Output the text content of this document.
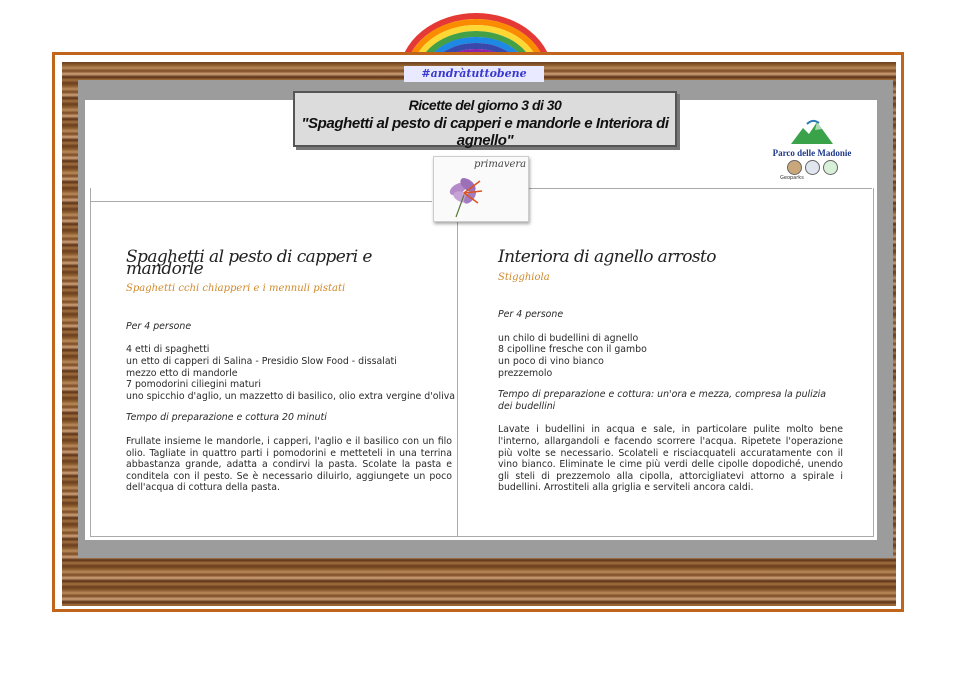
#andràtuttobene
Ricette del giorno 3 di 30
"Spaghetti al pesto di capperi e mandorle e Interiora di agnello"
Parco delle Madonie
Geoparks
primavera
Spaghetti al pesto di capperi e mandorle
Spaghetti cchi chiapperi e i mennuli pistati
Per 4 persone
4 etti di spaghetti
un etto di capperi di Salina - Presidio Slow Food - dissalati
mezzo etto di mandorle
7 pomodorini ciliegini maturi
uno spicchio d'aglio, un mazzetto di basilico, olio extra vergine d'oliva
Tempo di preparazione e cottura 20 minuti
Frullate insieme le mandorle, i capperi, l'aglio e il basilico con un filo olio. Tagliate in quattro parti i pomodorini e metteteli in una terrina abbastanza grande, adatta a condirvi la pasta. Scolate la pasta e conditela con il pesto. Se è necessario diluirlo, aggiungete un poco dell'acqua di cottura della pasta.
Interiora di agnello arrosto
Stigghiola
Per 4 persone
un chilo di budellini di agnello
8 cipolline fresche con il gambo
un poco di vino bianco
prezzemolo
Tempo di preparazione e cottura: un'ora e mezza, compresa la pulizia dei budellini
Lavate i budellini in acqua e sale, in particolare pulite molto bene l'interno, allargandoli e facendo scorrere l'acqua. Ripetete l'operazione più volte se necessario. Scolateli e risciacquateli accuratamente con il vino bianco. Eliminate le cime più verdi delle cipolle dopodiché, unendo gli steli di prezzemolo alla cipolla, attorcigliatevi attorno a spirale i budellini. Arrostiteli alla griglia e serviteli ancora caldi.
